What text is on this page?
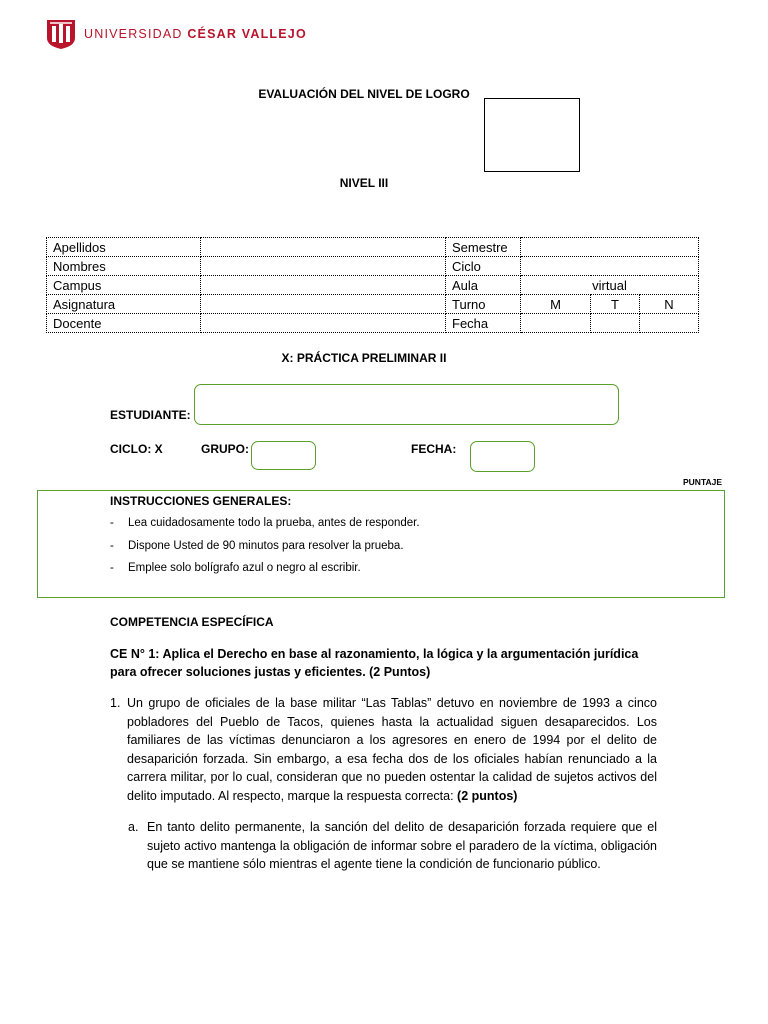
UNIVERSIDAD CÉSAR VALLEJO
EVALUACIÓN DEL NIVEL DE LOGRO
NIVEL III
Apellidos		Semestre			
Nombres		Ciclo			
Campus		Aula	virtual		
Asignatura		Turno	M	T	N
Docente		Fecha			
X: PRÁCTICA PRELIMINAR II
ESTUDIANTE:
CICLO: X	GRUPO:	FECHA:
PUNTAJE
INSTRUCCIONES GENERALES:
- Lea cuidadosamente todo la prueba, antes de responder.
- Dispone Usted de 90 minutos para resolver la prueba.
- Emplee solo bolígrafo azul o negro al escribir.
COMPETENCIA ESPECÍFICA
CE N° 1: Aplica el Derecho en base al razonamiento, la lógica y la argumentación jurídica para ofrecer soluciones justas y eficientes. (2 Puntos)
1. Un grupo de oficiales de la base militar “Las Tablas” detuvo en noviembre de 1993 a cinco pobladores del Pueblo de Tacos, quienes hasta la actualidad siguen desaparecidos. Los familiares de las víctimas denunciaron a los agresores en enero de 1994 por el delito de desaparición forzada. Sin embargo, a esa fecha dos de los oficiales habían renunciado a la carrera militar, por lo cual, consideran que no pueden ostentar la calidad de sujetos activos del delito imputado. Al respecto, marque la respuesta correcta: (2 puntos)
a. En tanto delito permanente, la sanción del delito de desaparición forzada requiere que el sujeto activo mantenga la obligación de informar sobre el paradero de la víctima, obligación que se mantiene sólo mientras el agente tiene la condición de funcionario público.
